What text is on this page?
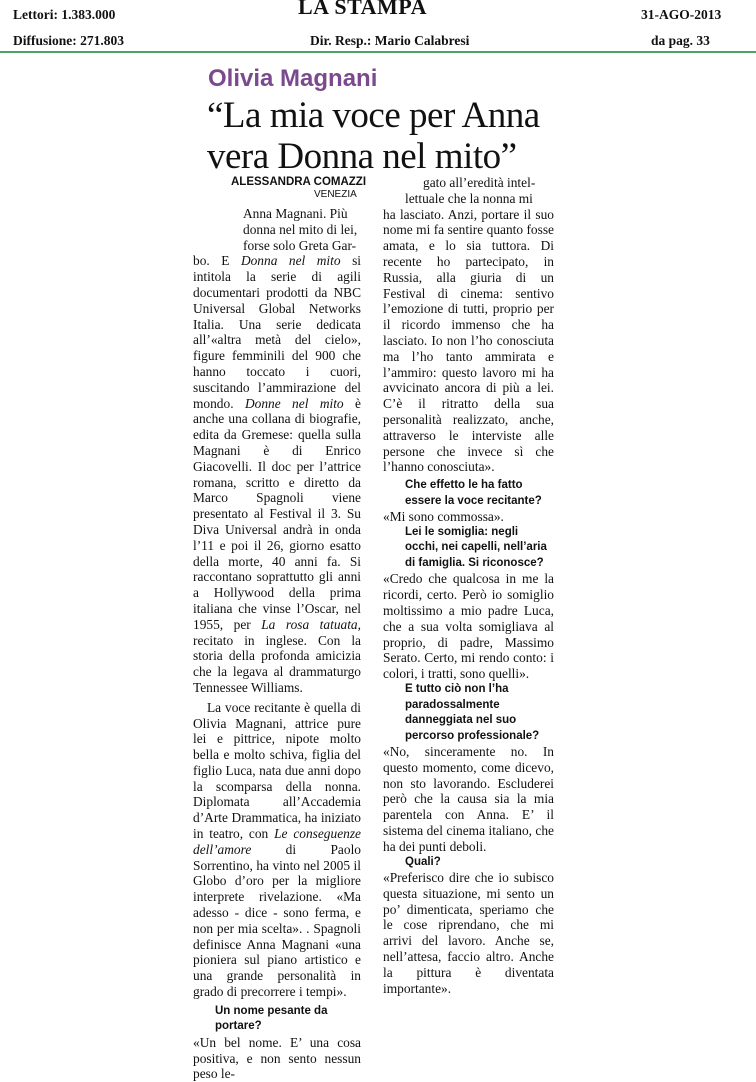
Lettori: 1.383.000	LA STAMPA	31-AGO-2013
Diffusione: 271.803	Dir. Resp.: Mario Calabresi	da pag. 33
Olivia Magnani
“La mia voce per Anna
vera Donna nel mito”
ALESSANDRA COMAZZI
VENEZIA

Anna Magnani. Più

donna nel mito di lei,

forse solo Greta Gar-

bo. E Donna nel mito si intitola la serie di agili documentari prodotti da NBC Universal Global Networks Italia. Una serie dedicata all’«altra metà del cielo», figure femminili del 900 che hanno toccato i cuori, suscitando l’ammirazione del mondo. Donne nel mito è anche una collana di biografie, edita da Gremese: quella sulla Magnani è di Enrico Giacovelli. Il doc per l’attrice romana, scritto e diretto da Marco Spagnoli viene presentato al Festival il 3. Su Diva Universal andrà in onda l’11 e poi il 26, giorno esatto della morte, 40 anni fa. Si raccontano soprattutto gli anni a Hollywood della prima italiana che vinse l’Oscar, nel 1955, per La rosa tatuata, recitato in inglese. Con la storia della profonda amicizia che la legava al drammaturgo Tennessee Williams.

La voce recitante è quella di Olivia Magnani, attrice pure lei e pittrice, nipote molto bella e molto schiva, figlia del figlio Luca, nata due anni dopo la scomparsa della nonna. Diplomata all’Accademia d’Arte Drammatica, ha iniziato in teatro, con Le conseguenze dell’amore di Paolo Sorrentino, ha vinto nel 2005 il Globo d’oro per la migliore interprete rivelazione. «Ma adesso - dice - sono ferma, e non per mia scelta». . Spagnoli definisce Anna Magnani «una pioniera sul piano artistico e una grande personalità in grado di precorrere i tempi».

Un nome pesante da portare?

«Un bel nome. E’ una cosa positiva, e non sento nessun peso le-

gato all’eredità intel-

lettuale che la nonna mi

ha lasciato. Anzi, portare il suo nome mi fa sentire quanto fosse amata, e lo sia tuttora. Di recente ho partecipato, in Russia, alla giuria di un Festival di cinema: sentivo l’emozione di tutti, proprio per il ricordo immenso che ha lasciato. Io non l’ho conosciuta ma l’ho tanto ammirata e l’ammiro: questo lavoro mi ha avvicinato ancora di più a lei. C’è il ritratto della sua personalità realizzato, anche, attraverso le interviste alle persone che invece sì che l’hanno conosciuta».

Che effetto le ha fatto essere la voce recitante?

«Mi sono commossa».

Lei le somiglia: negli occhi, nei capelli, nell’aria di famiglia. Si riconosce?

«Credo che qualcosa in me la ricordi, certo. Però io somiglio moltissimo a mio padre Luca, che a sua volta somigliava al proprio, di padre, Massimo Serato. Certo, mi rendo conto: i colori, i tratti, sono quelli».

E tutto ciò non l’ha paradossalmente danneggiata nel suo percorso professionale?

«No, sinceramente no. In questo momento, come dicevo, non sto lavorando. Escluderei però che la causa sia la mia parentela con Anna. E’ il sistema del cinema italiano, che ha dei punti deboli.

Quali?

«Preferisco dire che io subisco questa situazione, mi sento un po’ dimenticata, speriamo che le cose riprendano, che mi arrivi del lavoro. Anche se, nell’attesa, faccio altro. Anche la pittura è diventata importante».
